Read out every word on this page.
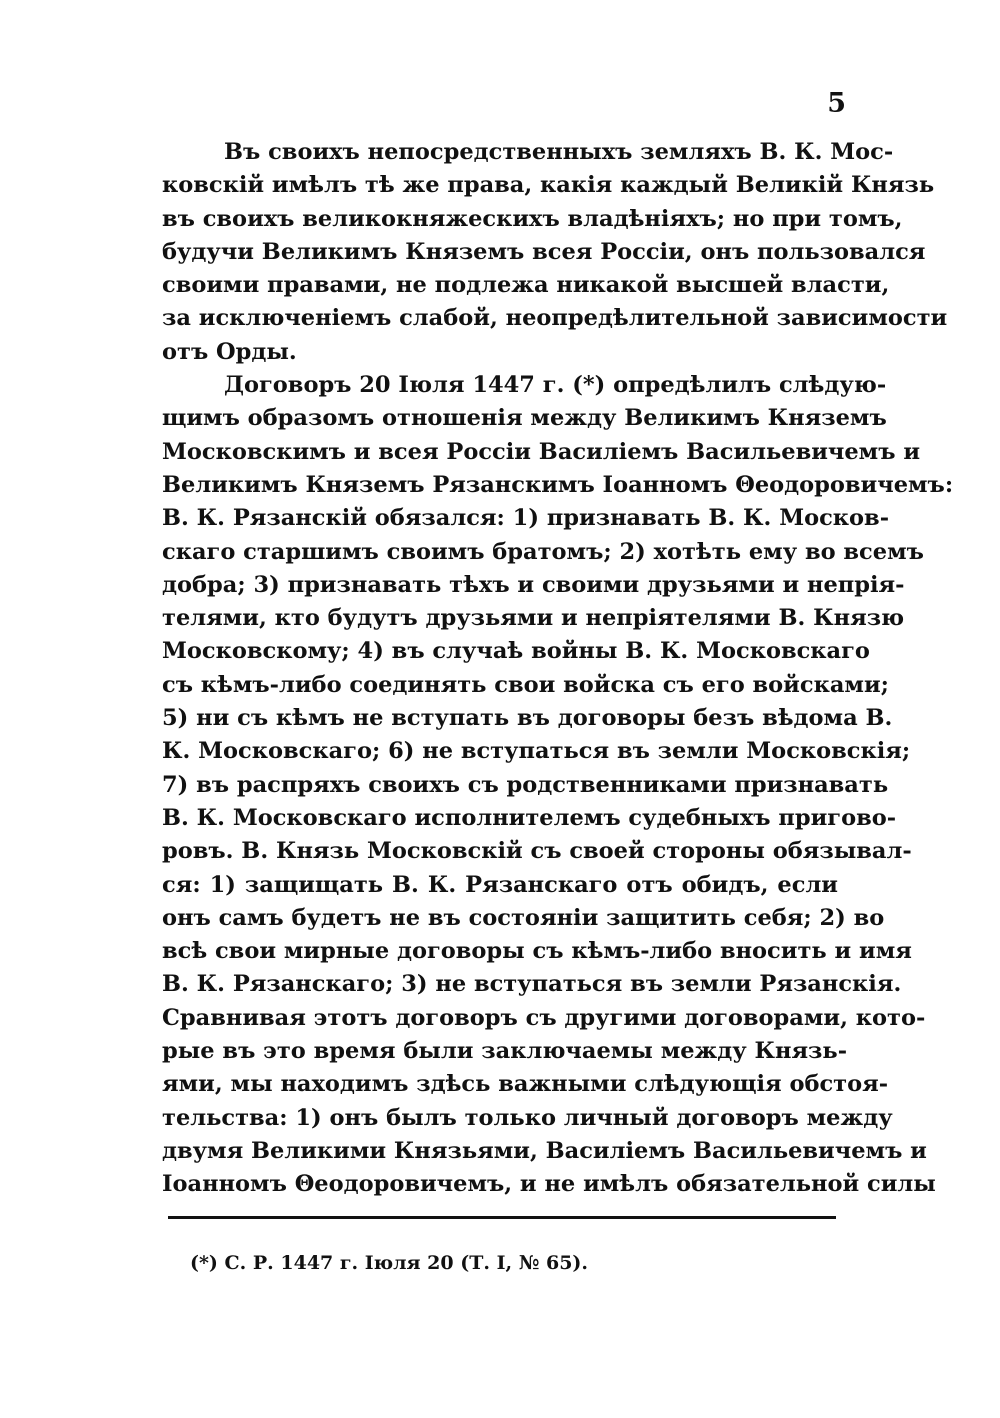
5
Въ своихъ непосредственныхъ земляхъ В. К. Мос-
ковскій имѣлъ тѣ же права, какія каждый Великій Князь
въ своихъ великокняжескихъ владѣніяхъ; но при томъ,
будучи Великимъ Княземъ всея Россіи, онъ пользовался
своими правами, не подлежа никакой высшей власти,
за исключеніемъ слабой, неопредѣлительной зависимости
отъ Орды.
Договоръ 20 Іюля 1447 г. (*) опредѣлилъ слѣдую-
щимъ образомъ отношенія между Великимъ Княземъ
Московскимъ и всея Россіи Василіемъ Васильевичемъ и
Великимъ Княземъ Рязанскимъ Іоанномъ Θеодоровичемъ:
В. К. Рязанскій обязался: 1) признавать В. К. Москов-
скаго старшимъ своимъ братомъ; 2) хотѣть ему во всемъ
добра; 3) признавать тѣхъ и своими друзьями и непрія-
телями, кто будутъ друзьями и непріятелями В. Князю
Московскому; 4) въ случаѣ войны В. К. Московскаго
съ кѣмъ-либо соединять свои войска съ его войсками;
5) ни съ кѣмъ не вступать въ договоры безъ вѣдома В.
К. Московскаго; 6) не вступаться въ земли Московскія;
7) въ распряхъ своихъ съ родственниками признавать
В. К. Московскаго исполнителемъ судебныхъ пригово-
ровъ. В. Князь Московскій съ своей стороны обязывал-
ся: 1) защищать В. К. Рязанскаго отъ обидъ, если
онъ самъ будетъ не въ состояніи защитить себя; 2) во
всѣ свои мирные договоры съ кѣмъ-либо вносить и имя
В. К. Рязанскаго; 3) не вступаться въ земли Рязанскія.
Сравнивая этотъ договоръ съ другими договорами, кото-
рые въ это время были заключаемы между Князь-
ями, мы находимъ здѣсь важными слѣдующія обстоя-
тельства: 1) онъ былъ только личный договоръ между
двумя Великими Князьями, Василіемъ Васильевичемъ и
Іоанномъ Θеодоровичемъ, и не имѣлъ обязательной силы
(*) С. Р. 1447 г. Іюля 20 (Т. I, № 65).
